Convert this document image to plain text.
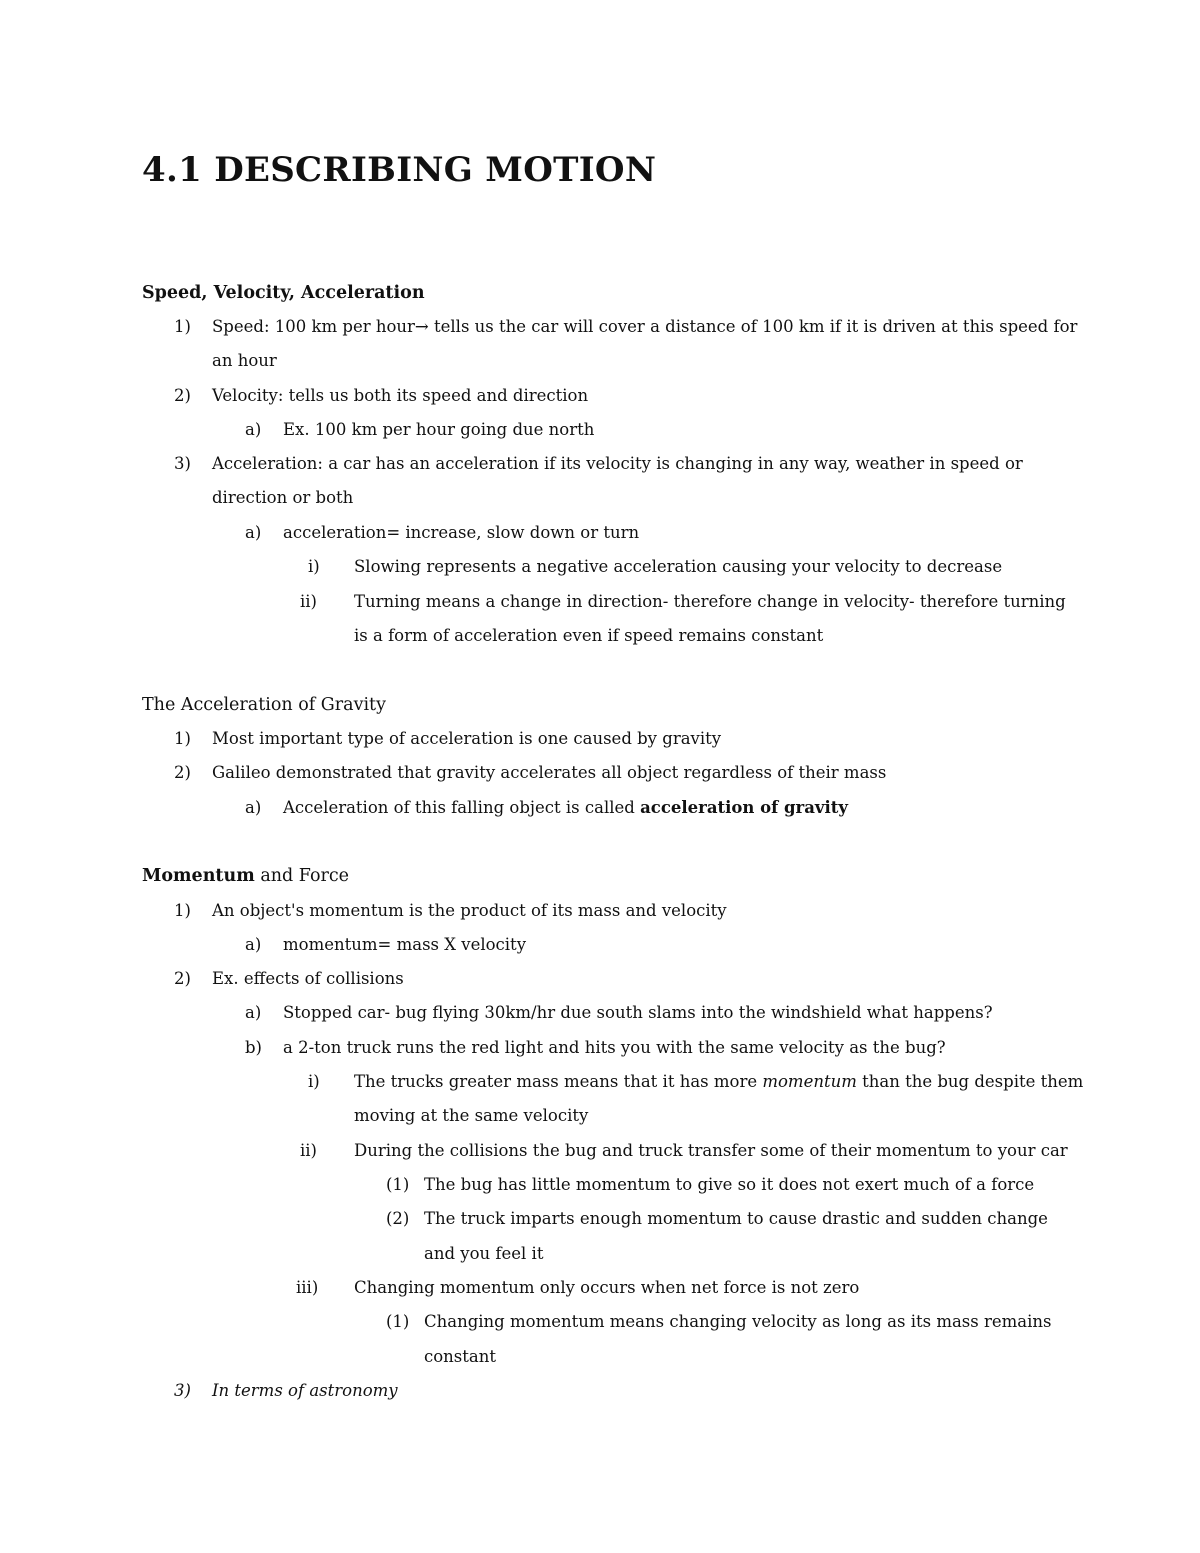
4.1 DESCRIBING MOTION
Speed, Velocity, Acceleration
1) Speed: 100 km per hour→ tells us the car will cover a distance of 100 km if it is driven at this speed for
an hour
2) Velocity: tells us both its speed and direction
a) Ex. 100 km per hour going due north
3) Acceleration: a car has an acceleration if its velocity is changing in any way, weather in speed or
direction or both
a) acceleration= increase, slow down or turn
i) Slowing represents a negative acceleration causing your velocity to decrease
ii) Turning means a change in direction- therefore change in velocity- therefore turning
is a form of acceleration even if speed remains constant
The Acceleration of Gravity
1) Most important type of acceleration is one caused by gravity
2) Galileo demonstrated that gravity accelerates all object regardless of their mass
a) Acceleration of this falling object is called acceleration of gravity
Momentum and Force
1) An object's momentum is the product of its mass and velocity
a) momentum= mass X velocity
2) Ex. effects of collisions
a) Stopped car- bug flying 30km/hr due south slams into the windshield what happens?
b) a 2-ton truck runs the red light and hits you with the same velocity as the bug?
i) The trucks greater mass means that it has more momentum than the bug despite them
moving at the same velocity
ii) During the collisions the bug and truck transfer some of their momentum to your car
(1) The bug has little momentum to give so it does not exert much of a force
(2) The truck imparts enough momentum to cause drastic and sudden change
and you feel it
iii) Changing momentum only occurs when net force is not zero
(1) Changing momentum means changing velocity as long as its mass remains
constant
3) In terms of astronomy
